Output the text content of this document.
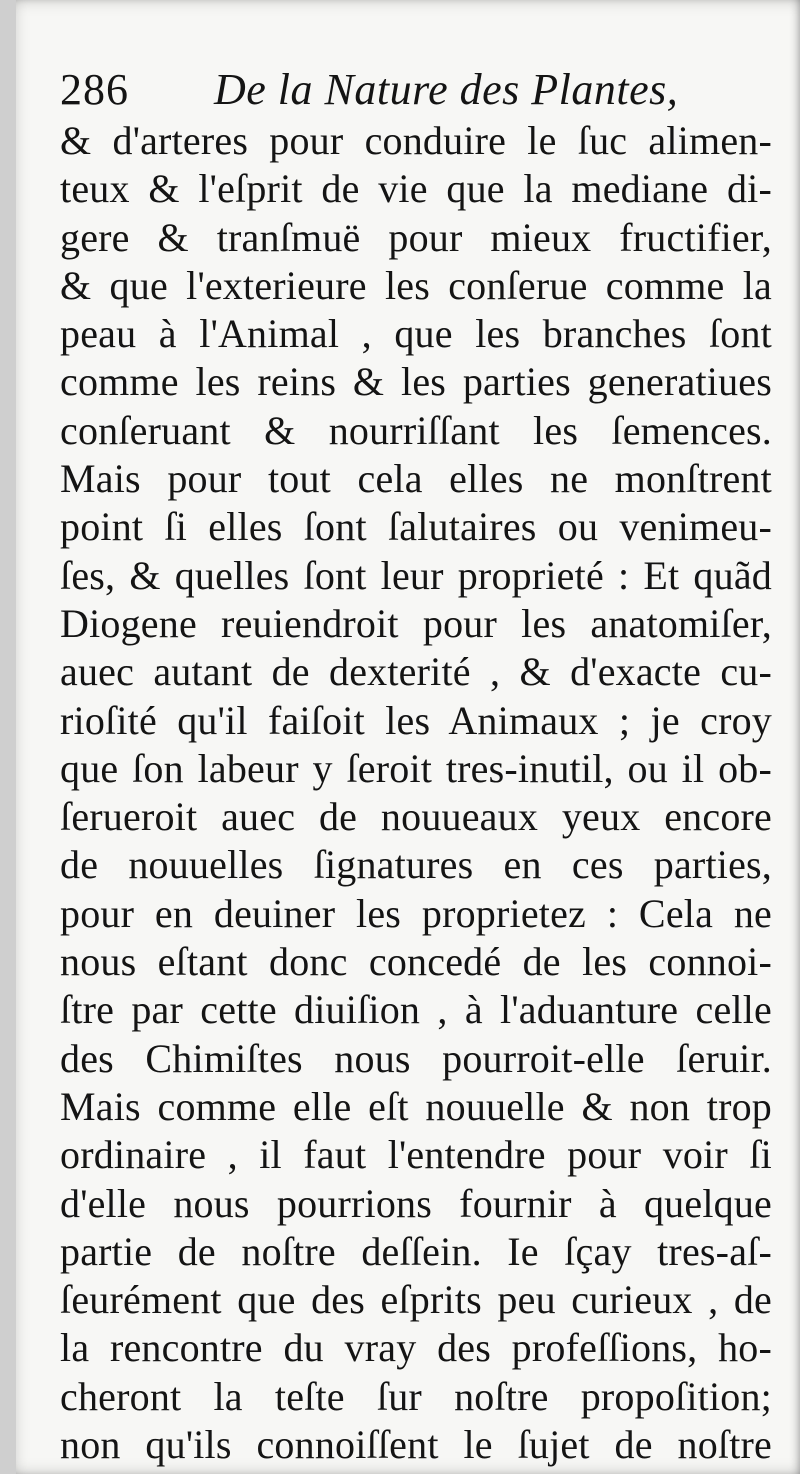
286 De la Nature des Plantes,
& d'arteres pour conduire le ſuc alimen-
teux & l'eſprit de vie que la mediane di-
gere & tranſmuë pour mieux fructifier,
& que l'exterieure les conſerue comme la
peau à l'Animal , que les branches ſont
comme les reins & les parties generatiues
conſeruant & nourriſſant les ſemences.
Mais pour tout cela elles ne monſtrent
point ſi elles ſont ſalutaires ou venimeu-
ſes, & quelles ſont leur proprieté : Et quãd
Diogene reuiendroit pour les anatomiſer,
auec autant de dexterité , & d'exacte cu-
rioſité qu'il faiſoit les Animaux ; je croy
que ſon labeur y ſeroit tres-inutil, ou il ob-
ſerueroit auec de nouueaux yeux encore
de nouuelles ſignatures en ces parties,
pour en deuiner les proprietez : Cela ne
nous eſtant donc concedé de les connoi-
ſtre par cette diuiſion , à l'aduanture celle
des Chimiſtes nous pourroit-elle ſeruir.
Mais comme elle eſt nouuelle & non trop
ordinaire , il faut l'entendre pour voir ſi
d'elle nous pourrions fournir à quelque
partie de noſtre deſſein. Ie ſçay tres-aſ-
ſeurément que des eſprits peu curieux , de
la rencontre du vray des profeſſions, ho-
cheront la teſte ſur noſtre propoſition;
non qu'ils connoiſſent le ſujet de noſtre
